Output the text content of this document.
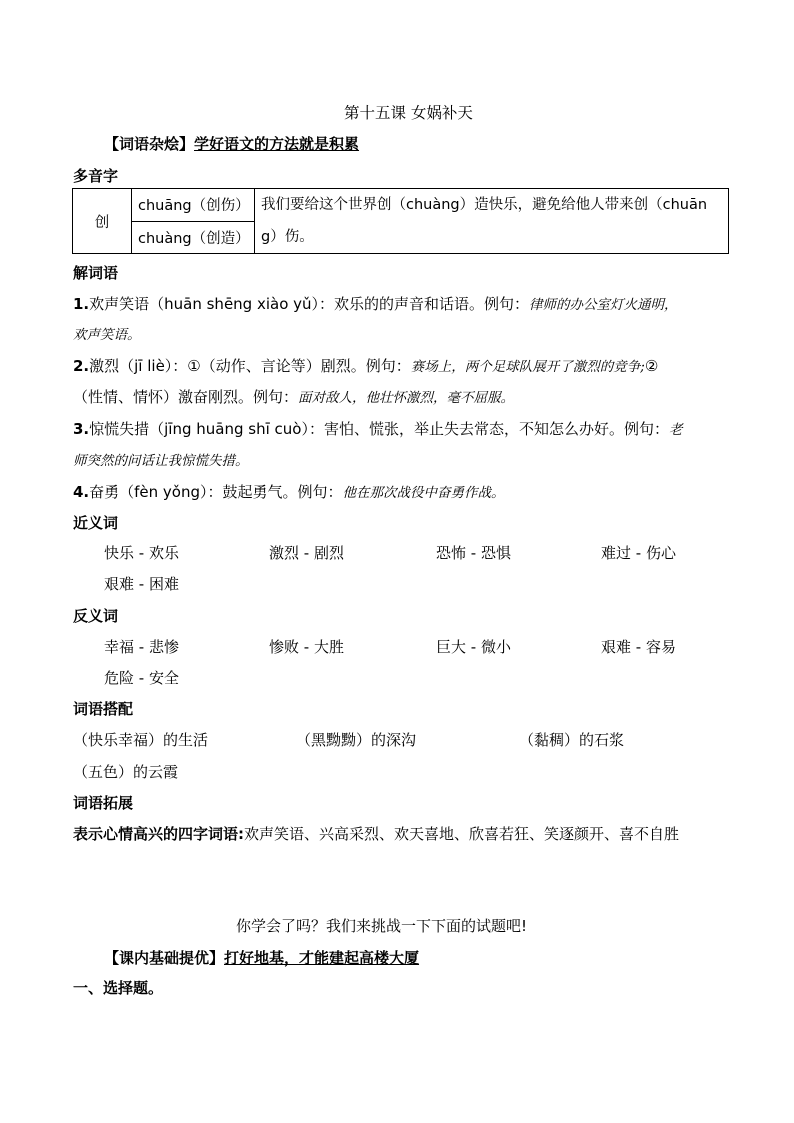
第十五课 女娲补天
【词语杂烩】学好语文的方法就是积累
多音字
创	chuāng（创伤）	我们要给这个世界创（chuàng）造快乐，避免给他人带来创（chuāng）伤。
chuàng（创造）
解词语
1.欢声笑语（huān shēng xiào yǔ）：欢乐的的声音和话语。例句：律师的办公室灯火通明，
欢声笑语。
2.激烈（jī liè）：①（动作、言论等）剧烈。例句：赛场上，两个足球队展开了激烈的竞争;②
（性情、情怀）激奋刚烈。例句：面对敌人，他壮怀激烈，毫不屈服。
3.惊慌失措（jīng huāng shī cuò）：害怕、慌张，举止失去常态，不知怎么办好。例句：老
师突然的问话让我惊慌失措。
4.奋勇（fèn yǒng）：鼓起勇气。例句：他在那次战役中奋勇作战。
近义词
快乐 - 欢乐	激烈 - 剧烈	恐怖 - 恐惧	难过 - 伤心
艰难 - 困难
反义词
幸福 - 悲惨	惨败 - 大胜	巨大 - 微小	艰难 - 容易
危险 - 安全
词语搭配
（快乐幸福）的生活	（黑黝黝）的深沟	（黏稠）的石浆
（五色）的云霞
词语拓展
表示心情高兴的四字词语:欢声笑语、兴高采烈、欢天喜地、欣喜若狂、笑逐颜开、喜不自胜
你学会了吗？我们来挑战一下下面的试题吧!
【课内基础提优】打好地基，才能建起高楼大厦
一、选择题。
